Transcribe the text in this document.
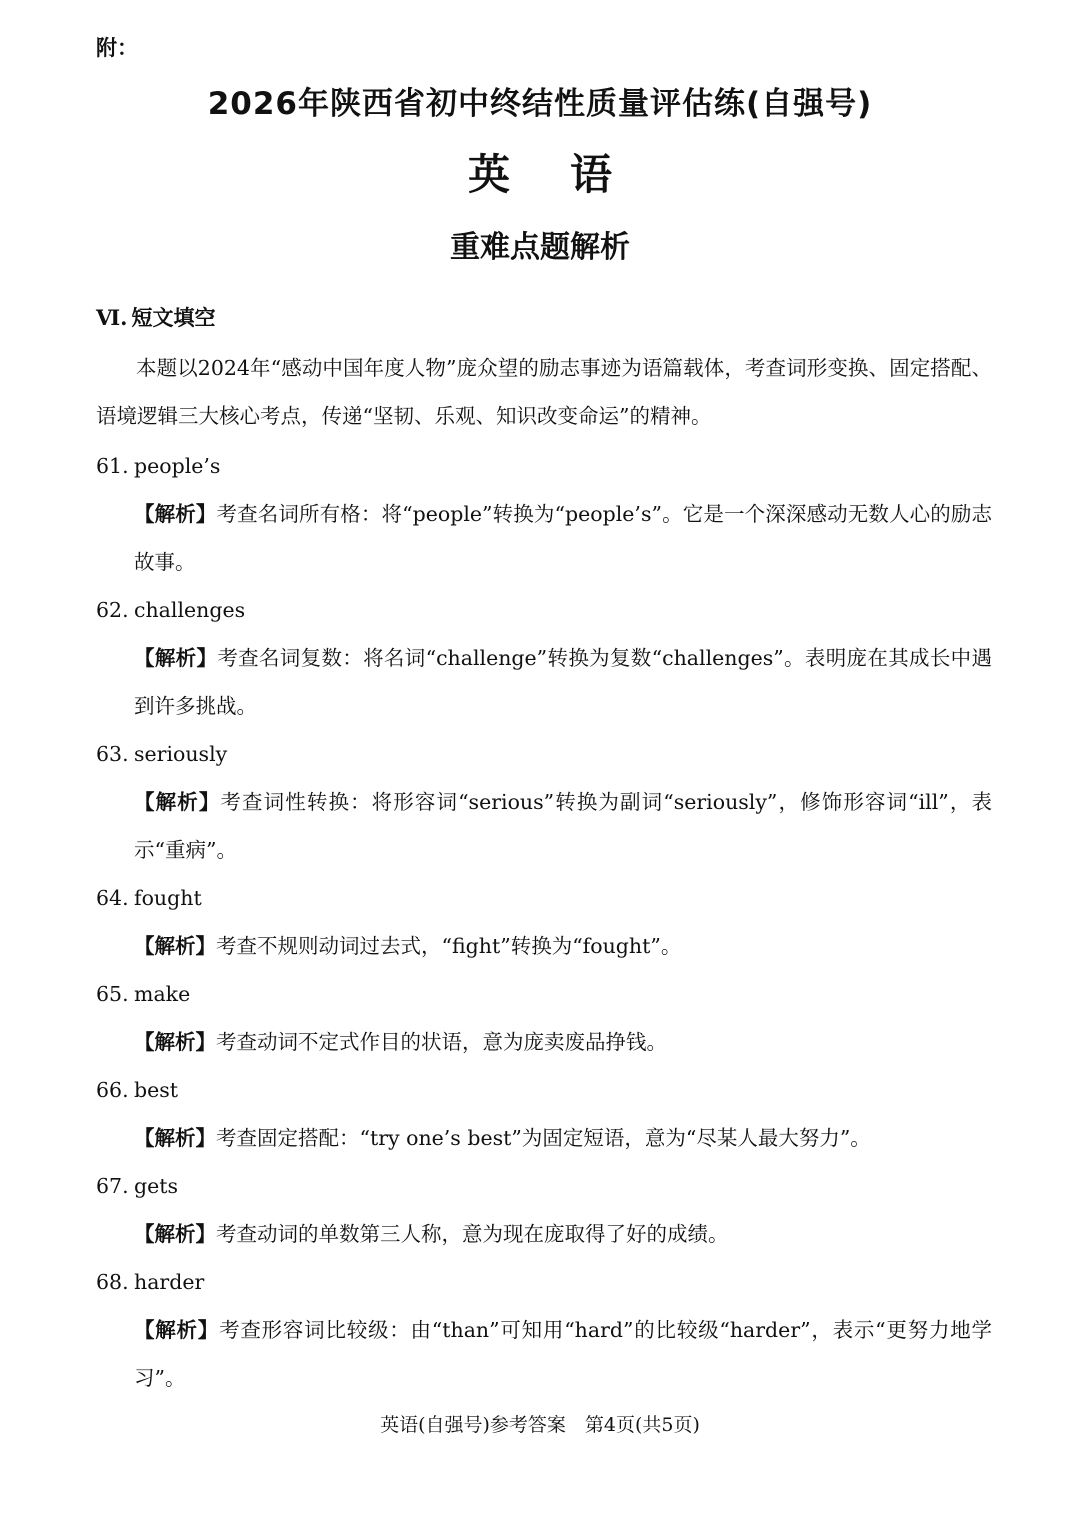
附：
2026年陕西省初中终结性质量评估练(自强号)
英语
重难点题解析
Ⅵ. 短文填空
本题以2024年“感动中国年度人物”庞众望的励志事迹为语篇载体，考查词形变换、固定搭配、语境逻辑三大核心考点，传递“坚韧、乐观、知识改变命运”的精神。
61. people’s
【解析】考查名词所有格：将“people”转换为“people’s”。它是一个深深感动无数人心的励志故事。
62. challenges
【解析】考查名词复数：将名词“challenge”转换为复数“challenges”。表明庞在其成长中遇到许多挑战。
63. seriously
【解析】考查词性转换：将形容词“serious”转换为副词“seriously”，修饰形容词“ill”，表示“重病”。
64. fought
【解析】考查不规则动词过去式，“fight”转换为“fought”。
65. make
【解析】考查动词不定式作目的状语，意为庞卖废品挣钱。
66. best
【解析】考查固定搭配：“try one’s best”为固定短语，意为“尽某人最大努力”。
67. gets
【解析】考查动词的单数第三人称，意为现在庞取得了好的成绩。
68. harder
【解析】考查形容词比较级：由“than”可知用“hard”的比较级“harder”，表示“更努力地学习”。
英语(自强号)参考答案　第4页(共5页)
